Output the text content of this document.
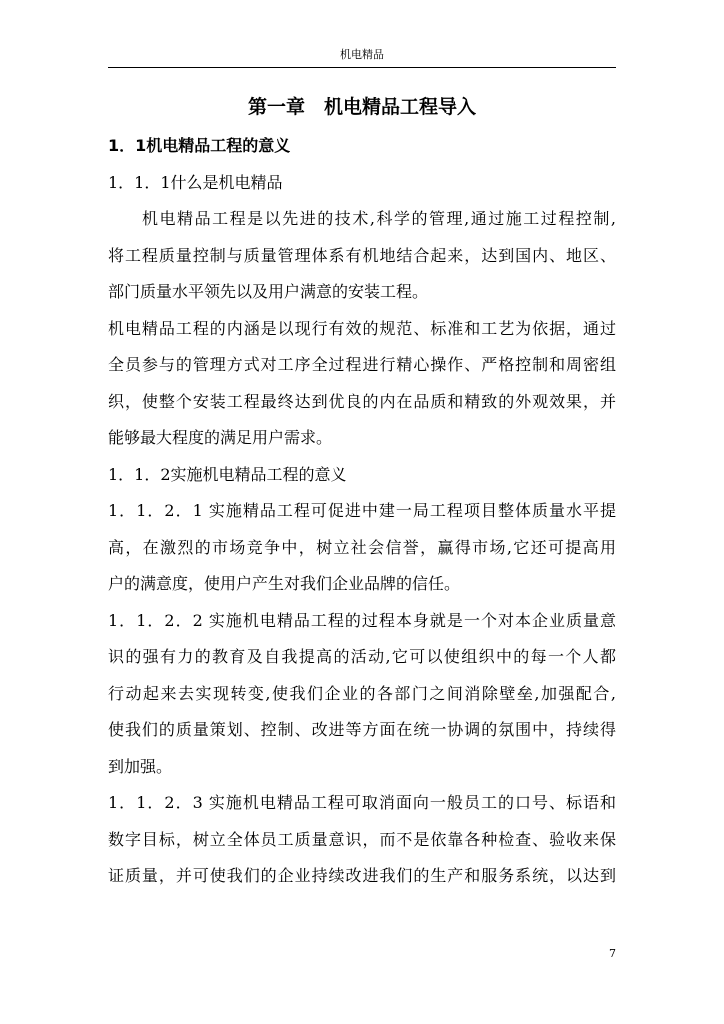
机电精品
第一章　机电精品工程导入
1．1机电精品工程的意义
1．1．1什么是机电精品
机电精品工程是以先进的技术,科学的管理,通过施工过程控制,
将工程质量控制与质量管理体系有机地结合起来，达到国内、地区、
部门质量水平领先以及用户满意的安装工程。
机电精品工程的内涵是以现行有效的规范、标准和工艺为依据，通过
全员参与的管理方式对工序全过程进行精心操作、严格控制和周密组
织，使整个安装工程最终达到优良的内在品质和精致的外观效果，并
能够最大程度的满足用户需求。
1．1．2实施机电精品工程的意义
1．1．2．1 实施精品工程可促进中建一局工程项目整体质量水平提
高，在激烈的市场竞争中，树立社会信誉，赢得市场,它还可提高用
户的满意度，使用户产生对我们企业品牌的信任。
1．1．2．2 实施机电精品工程的过程本身就是一个对本企业质量意
识的强有力的教育及自我提高的活动,它可以使组织中的每一个人都
行动起来去实现转变,使我们企业的各部门之间消除壁垒,加强配合,
使我们的质量策划、控制、改进等方面在统一协调的氛围中，持续得
到加强。
1．1．2．3 实施机电精品工程可取消面向一般员工的口号、标语和
数字目标，树立全体员工质量意识，而不是依靠各种检查、验收来保
证质量，并可使我们的企业持续改进我们的生产和服务系统，以达到
7
